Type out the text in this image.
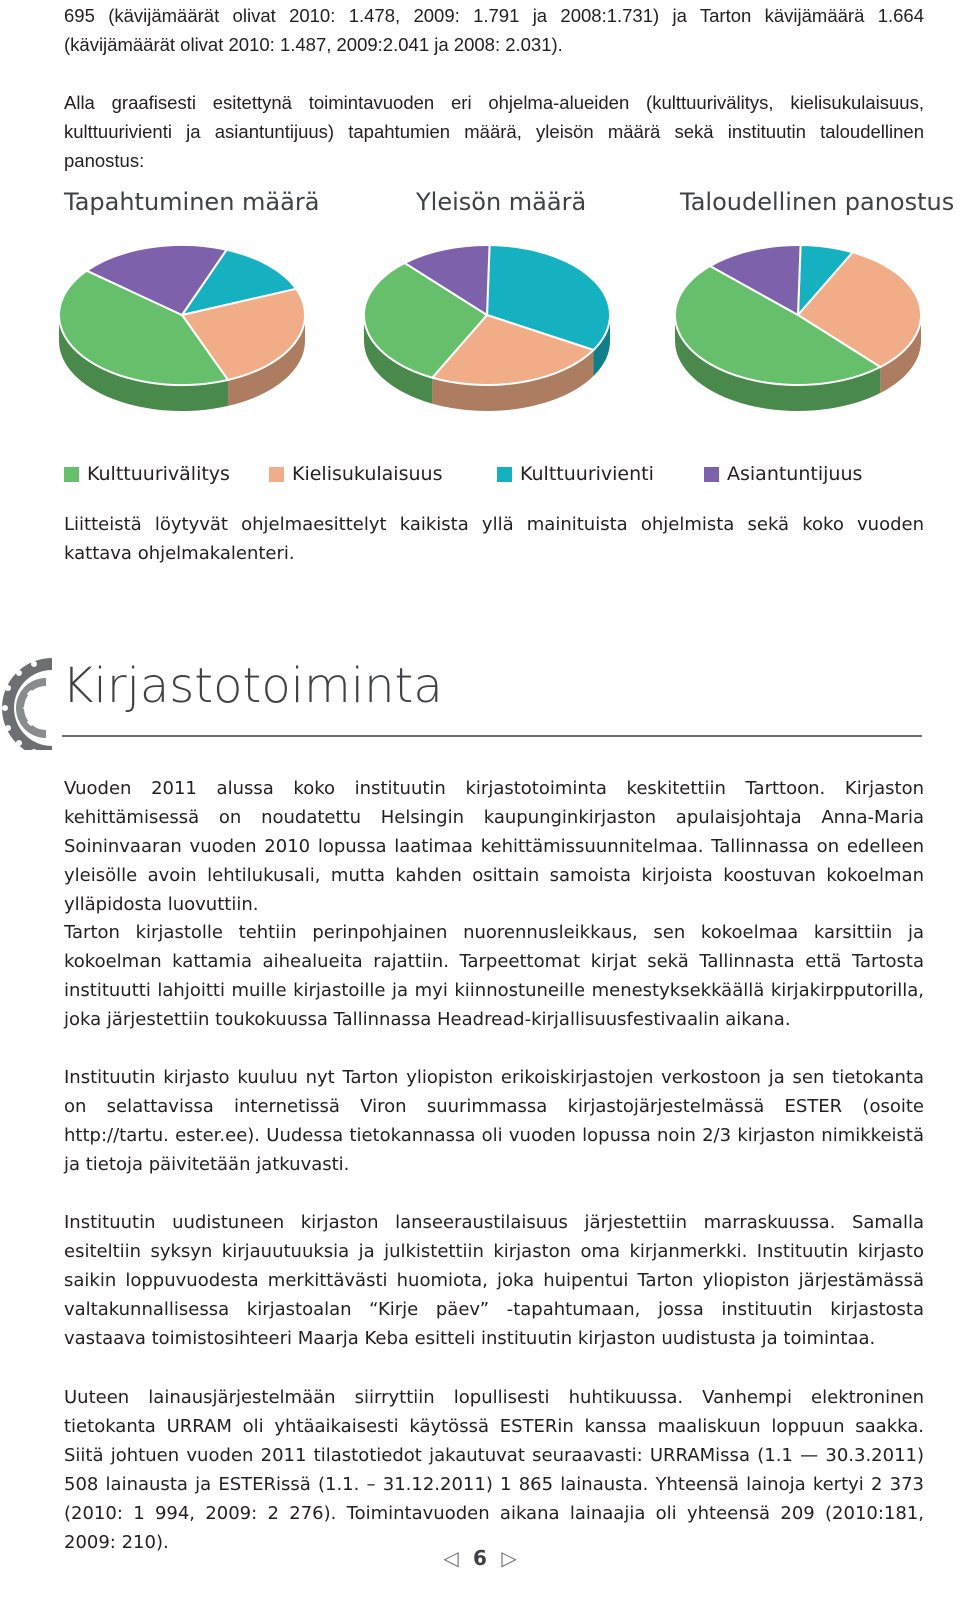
695 (kävijämäärät olivat 2010: 1.478, 2009: 1.791 ja 2008:1.731) ja Tarton kävijämäärä 1.664 (kävijämäärät olivat 2010: 1.487, 2009:2.041 ja 2008: 2.031).

Alla graafisesti esitettynä toimintavuoden eri ohjelma-alueiden (kulttuurivälitys, kielisukulaisuus, kulttuurivienti ja asiantuntijuus) tapahtumien määrä, yleisön määrä sekä instituutin taloudellinen panostus:

Tapahtuminen määrä	Yleisön määrä	Taloudellinen panostus
Kulttuurivälitys	Kielisukulaisuus	Kulttuurivienti	Asiantuntijuus

Liitteistä löytyvät ohjelmaesittelyt kaikista yllä mainituista ohjelmista sekä koko vuoden kattava ohjelmakalenteri.

Kirjastotoiminta

Vuoden 2011 alussa koko instituutin kirjastotoiminta keskitettiin Tarttoon. Kirjaston kehittämisessä on noudatettu Helsingin kaupunginkirjaston apulaisjohtaja Anna-Maria Soininvaaran vuoden 2010 lopussa laatimaa kehittämissuunnitelmaa. Tallinnassa on edelleen yleisölle avoin lehtilukusali, mutta kahden osittain samoista kirjoista koostuvan kokoelman ylläpidosta luovuttiin.

Tarton kirjastolle tehtiin perinpohjainen nuorennusleikkaus, sen kokoelmaa karsittiin ja kokoelman kattamia aihealueita rajattiin. Tarpeettomat kirjat sekä Tallinnasta että Tartosta instituutti lahjoitti muille kirjastoille ja myi kiinnostuneille menestyksekkäällä kirjakirpputorilla, joka järjestettiin toukokuussa Tallinnassa Headread-kirjallisuusfestivaalin aikana.

Instituutin kirjasto kuuluu nyt Tarton yliopiston erikoiskirjastojen verkostoon ja sen tietokanta on selattavissa internetissä Viron suurimmassa kirjastojärjestelmässä ESTER (osoite http://tartu. ester.ee). Uudessa tietokannassa oli vuoden lopussa noin 2/3 kirjaston nimikkeistä ja tietoja päivitetään jatkuvasti.

Instituutin uudistuneen kirjaston lanseeraustilaisuus järjestettiin marraskuussa. Samalla esiteltiin syksyn kirjauutuuksia ja julkistettiin kirjaston oma kirjanmerkki. Instituutin kirjasto saikin loppuvuodesta merkittävästi huomiota, joka huipentui Tarton yliopiston järjestämässä valtakunnallisessa kirjastoalan “Kirje päev” -tapahtumaan, jossa instituutin kirjastosta vastaava toimistosihteeri Maarja Keba esitteli instituutin kirjaston uudistusta ja toimintaa.

Uuteen lainausjärjestelmään siirryttiin lopullisesti huhtikuussa. Vanhempi elektroninen tietokanta URRAM oli yhtäaikaisesti käytössä ESTERin kanssa maaliskuun loppuun saakka. Siitä johtuen vuoden 2011 tilastotiedot jakautuvat seuraavasti: URRAMissa (1.1 — 30.3.2011) 508 lainausta ja ESTERissä (1.1. – 31.12.2011) 1 865 lainausta. Yhteensä lainoja kertyi 2 373 (2010: 1 994, 2009: 2 276). Toimintavuoden aikana lainaajia oli yhteensä 209 (2010:181, 2009: 210).

◁ 6 ▷
